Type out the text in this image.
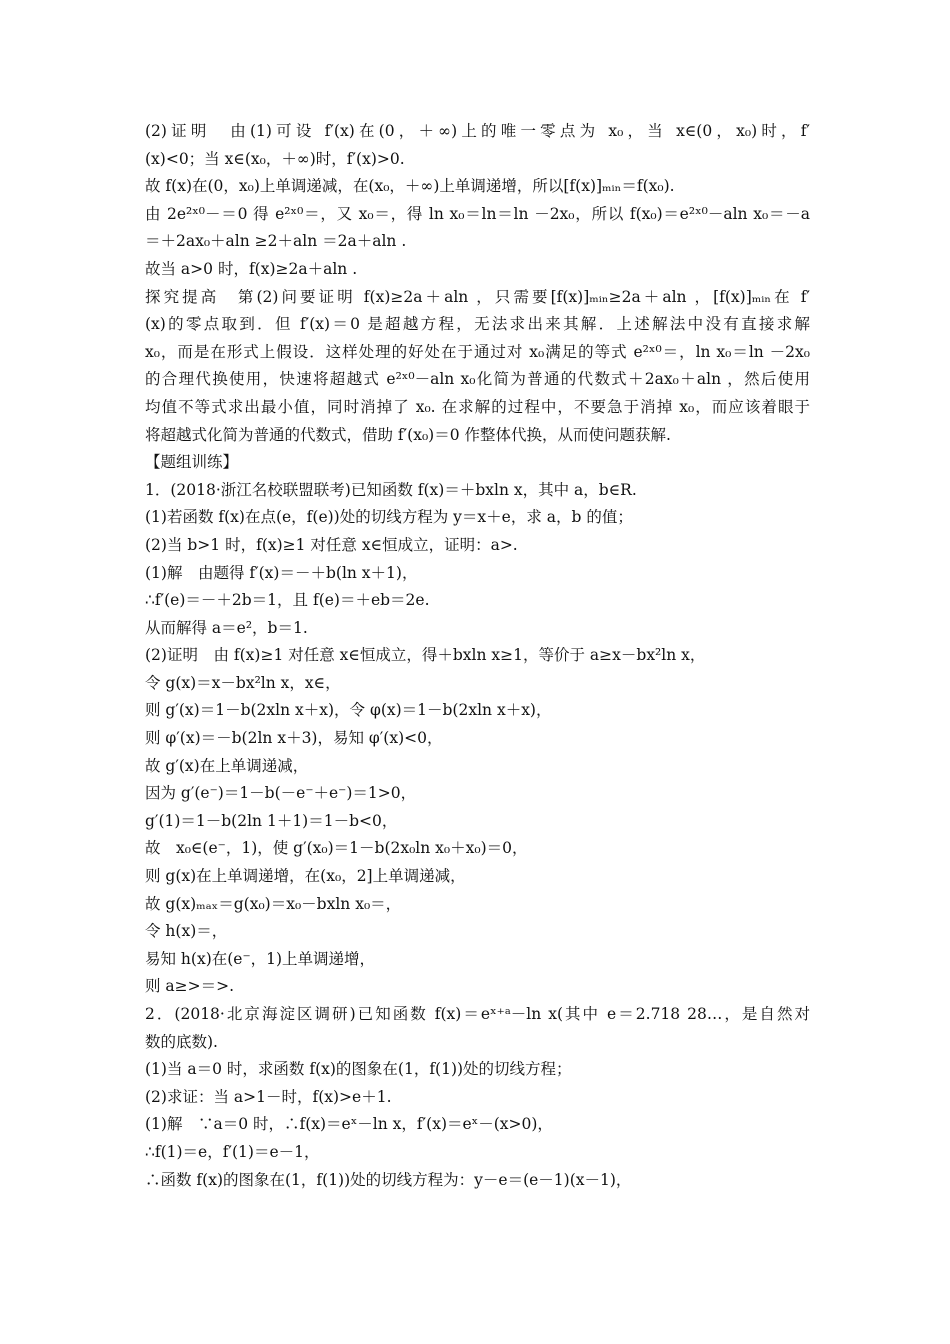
(2)证明　由(1)可设 f′(x)在(0，＋∞)上的唯一零点为 x₀，当 x∈(0，x₀)时，f′
(x)<0；当 x∈(x₀，＋∞)时，f′(x)>0.
故 f(x)在(0，x₀)上单调递减，在(x₀，＋∞)上单调递增，所以[f(x)]ₘᵢₙ＝f(x₀).
由 2e²ˣ⁰－＝0 得 e²ˣ⁰＝，又 x₀＝，得 ln x₀＝ln＝ln －2x₀，所以 f(x₀)＝e²ˣ⁰－aln x₀＝－a
＝＋2ax₀＋aln ≥2＋aln ＝2a＋aln .
故当 a>0 时，f(x)≥2a＋aln .
探究提高　第(2)问要证明 f(x)≥2a＋aln ，只需要[f(x)]ₘᵢₙ≥2a＋aln ，[f(x)]ₘᵢₙ在 f′
(x)的零点取到．但 f′(x)＝0 是超越方程，无法求出来其解．上述解法中没有直接求解
x₀，而是在形式上假设．这样处理的好处在于通过对 x₀满足的等式 e²ˣ⁰＝，ln x₀＝ln －2x₀
的合理代换使用，快速将超越式 e²ˣ⁰－aln x₀化简为普通的代数式＋2ax₀＋aln ，然后使用
均值不等式求出最小值，同时消掉了 x₀. 在求解的过程中，不要急于消掉 x₀，而应该着眼于
将超越式化简为普通的代数式，借助 f′(x₀)＝0 作整体代换，从而使问题获解.
【题组训练】
1．(2018·浙江名校联盟联考)已知函数 f(x)＝＋bxln x，其中 a，b∈R.
(1)若函数 f(x)在点(e，f(e))处的切线方程为 y＝x＋e，求 a，b 的值；
(2)当 b>1 时，f(x)≥1 对任意 x∈恒成立，证明：a>.
(1)解　由题得 f′(x)＝－＋b(ln x＋1)，
∴f′(e)＝－＋2b＝1，且 f(e)＝＋eb＝2e.
从而解得 a＝e²，b＝1.
(2)证明　由 f(x)≥1 对任意 x∈恒成立，得＋bxln x≥1，等价于 a≥x－bx²ln x，
令 g(x)＝x－bx²ln x，x∈，
则 g′(x)＝1－b(2xln x＋x)，令 φ(x)＝1－b(2xln x＋x)，
则 φ′(x)＝－b(2ln x＋3)，易知 φ′(x)<0，
故 g′(x)在上单调递减，
因为 g′(e⁻)＝1－b(－e⁻＋e⁻)＝1>0，
g′(1)＝1－b(2ln 1＋1)＝1－b<0，
故　x₀∈(e⁻，1)，使 g′(x₀)＝1－b(2x₀ln x₀＋x₀)＝0，
则 g(x)在上单调递增，在(x₀，2]上单调递减，
故 g(x)ₘₐₓ＝g(x₀)＝x₀－bxln x₀＝，
令 h(x)＝，
易知 h(x)在(e⁻，1)上单调递增，
则 a≥>＝>.
2．(2018·北京海淀区调研)已知函数 f(x)＝eˣ⁺ᵃ－ln x(其中 e＝2.718 28…，是自然对
数的底数).
(1)当 a＝0 时，求函数 f(x)的图象在(1，f(1))处的切线方程；
(2)求证：当 a>1－时，f(x)>e＋1.
(1)解　∵a＝0 时，∴f(x)＝eˣ－ln x，f′(x)＝eˣ－(x>0)，
∴f(1)＝e，f′(1)＝e－1，
∴函数 f(x)的图象在(1，f(1))处的切线方程为：y－e＝(e－1)(x－1)，
